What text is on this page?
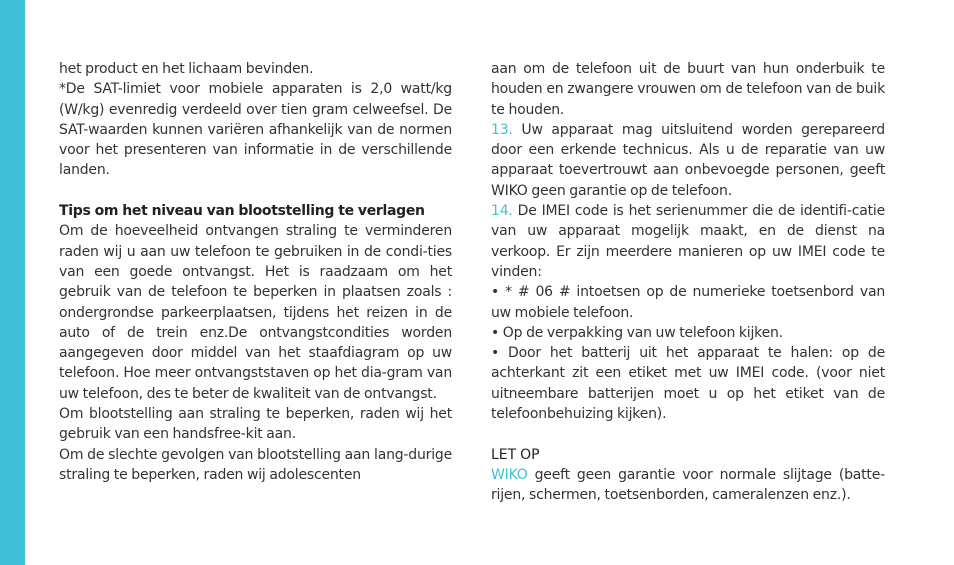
het product en het lichaam bevinden.

*De SAT-limiet voor mobiele apparaten is 2,0 watt/kg (W/kg) evenredig verdeeld over tien gram celweefsel. De SAT-waarden kunnen variëren afhankelijk van de normen voor het presenteren van informatie in de verschillende landen.

Tips om het niveau van blootstelling te verlagen

Om de hoeveelheid ontvangen straling te verminderen raden wij u aan uw telefoon te gebruiken in de condi-ties van een goede ontvangst. Het is raadzaam om het gebruik van de telefoon te beperken in plaatsen zoals : ondergrondse parkeerplaatsen, tijdens het reizen in de auto of de trein enz.De ontvangstcondities worden aangegeven door middel van het staafdiagram op uw telefoon. Hoe meer ontvangststaven op het dia-gram van uw telefoon, des te beter de kwaliteit van de ontvangst.

Om blootstelling aan straling te beperken, raden wij het gebruik van een handsfree-kit aan.

Om de slechte gevolgen van blootstelling aan lang-durige straling te beperken, raden wij adolescenten

aan om de telefoon uit de buurt van hun onderbuik te houden en zwangere vrouwen om de telefoon van de buik te houden.

13. Uw apparaat mag uitsluitend worden gerepareerd door een erkende technicus. Als u de reparatie van uw apparaat toevertrouwt aan onbevoegde personen, geeft WIKO geen garantie op de telefoon.

14. De IMEI code is het serienummer die de identifi-catie van uw apparaat mogelijk maakt, en de dienst na verkoop. Er zijn meerdere manieren op uw IMEI code te vinden:

• * # 06 # intoetsen op de numerieke toetsenbord van uw mobiele telefoon.

• Op de verpakking van uw telefoon kijken.

• Door het batterij uit het apparaat te halen: op de achterkant zit een etiket met uw IMEI code. (voor niet uitneembare batterijen moet u op het etiket van de telefoonbehuizing kijken).

LET OP

WIKO geeft geen garantie voor normale slijtage (batte-rijen, schermen, toetsenborden, cameralenzen enz.).
